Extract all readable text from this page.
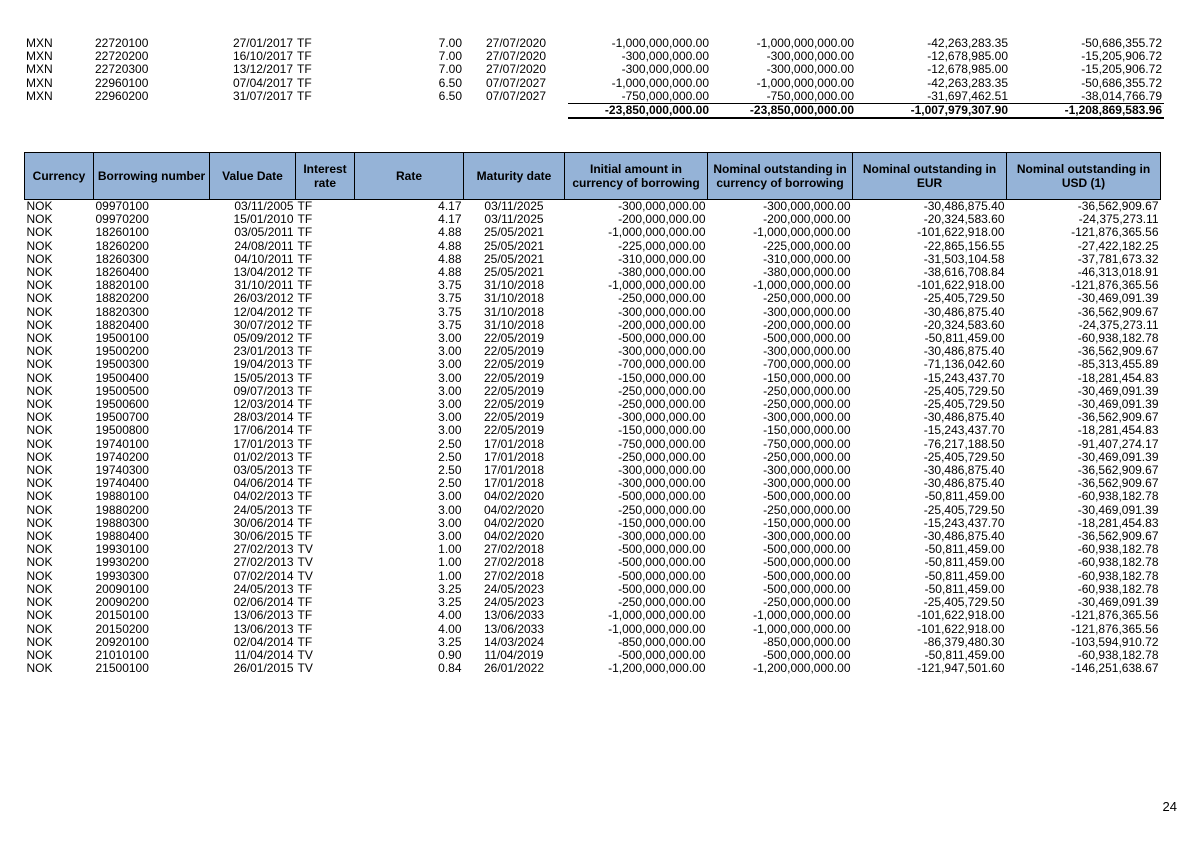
MXN	22720100	27/01/2017	TF	7.00	27/07/2020	-1,000,000,000.00	-1,000,000,000.00	-42,263,283.35	-50,686,355.72
MXN	22720200	16/10/2017	TF	7.00	27/07/2020	-300,000,000.00	-300,000,000.00	-12,678,985.00	-15,205,906.72
MXN	22720300	13/12/2017	TF	7.00	27/07/2020	-300,000,000.00	-300,000,000.00	-12,678,985.00	-15,205,906.72
MXN	22960100	07/04/2017	TF	6.50	07/07/2027	-1,000,000,000.00	-1,000,000,000.00	-42,263,283.35	-50,686,355.72
MXN	22960200	31/07/2017	TF	6.50	07/07/2027	-750,000,000.00	-750,000,000.00	-31,697,462.51	-38,014,766.79
						-23,850,000,000.00	-23,850,000,000.00	-1,007,979,307.90	-1,208,869,583.96
Currency	Borrowing number	Value Date	Interest rate	Rate	Maturity date	Initial amount in currency of borrowing	Nominal outstanding in currency of borrowing	Nominal outstanding in EUR	Nominal outstanding in USD (1)
NOK	09970100	03/11/2005	TF	4.17	03/11/2025	-300,000,000.00	-300,000,000.00	-30,486,875.40	-36,562,909.67
NOK	09970200	15/01/2010	TF	4.17	03/11/2025	-200,000,000.00	-200,000,000.00	-20,324,583.60	-24,375,273.11
NOK	18260100	03/05/2011	TF	4.88	25/05/2021	-1,000,000,000.00	-1,000,000,000.00	-101,622,918.00	-121,876,365.56
NOK	18260200	24/08/2011	TF	4.88	25/05/2021	-225,000,000.00	-225,000,000.00	-22,865,156.55	-27,422,182.25
NOK	18260300	04/10/2011	TF	4.88	25/05/2021	-310,000,000.00	-310,000,000.00	-31,503,104.58	-37,781,673.32
NOK	18260400	13/04/2012	TF	4.88	25/05/2021	-380,000,000.00	-380,000,000.00	-38,616,708.84	-46,313,018.91
NOK	18820100	31/10/2011	TF	3.75	31/10/2018	-1,000,000,000.00	-1,000,000,000.00	-101,622,918.00	-121,876,365.56
NOK	18820200	26/03/2012	TF	3.75	31/10/2018	-250,000,000.00	-250,000,000.00	-25,405,729.50	-30,469,091.39
NOK	18820300	12/04/2012	TF	3.75	31/10/2018	-300,000,000.00	-300,000,000.00	-30,486,875.40	-36,562,909.67
NOK	18820400	30/07/2012	TF	3.75	31/10/2018	-200,000,000.00	-200,000,000.00	-20,324,583.60	-24,375,273.11
NOK	19500100	05/09/2012	TF	3.00	22/05/2019	-500,000,000.00	-500,000,000.00	-50,811,459.00	-60,938,182.78
NOK	19500200	23/01/2013	TF	3.00	22/05/2019	-300,000,000.00	-300,000,000.00	-30,486,875.40	-36,562,909.67
NOK	19500300	19/04/2013	TF	3.00	22/05/2019	-700,000,000.00	-700,000,000.00	-71,136,042.60	-85,313,455.89
NOK	19500400	15/05/2013	TF	3.00	22/05/2019	-150,000,000.00	-150,000,000.00	-15,243,437.70	-18,281,454.83
NOK	19500500	09/07/2013	TF	3.00	22/05/2019	-250,000,000.00	-250,000,000.00	-25,405,729.50	-30,469,091.39
NOK	19500600	12/03/2014	TF	3.00	22/05/2019	-250,000,000.00	-250,000,000.00	-25,405,729.50	-30,469,091.39
NOK	19500700	28/03/2014	TF	3.00	22/05/2019	-300,000,000.00	-300,000,000.00	-30,486,875.40	-36,562,909.67
NOK	19500800	17/06/2014	TF	3.00	22/05/2019	-150,000,000.00	-150,000,000.00	-15,243,437.70	-18,281,454.83
NOK	19740100	17/01/2013	TF	2.50	17/01/2018	-750,000,000.00	-750,000,000.00	-76,217,188.50	-91,407,274.17
NOK	19740200	01/02/2013	TF	2.50	17/01/2018	-250,000,000.00	-250,000,000.00	-25,405,729.50	-30,469,091.39
NOK	19740300	03/05/2013	TF	2.50	17/01/2018	-300,000,000.00	-300,000,000.00	-30,486,875.40	-36,562,909.67
NOK	19740400	04/06/2014	TF	2.50	17/01/2018	-300,000,000.00	-300,000,000.00	-30,486,875.40	-36,562,909.67
NOK	19880100	04/02/2013	TF	3.00	04/02/2020	-500,000,000.00	-500,000,000.00	-50,811,459.00	-60,938,182.78
NOK	19880200	24/05/2013	TF	3.00	04/02/2020	-250,000,000.00	-250,000,000.00	-25,405,729.50	-30,469,091.39
NOK	19880300	30/06/2014	TF	3.00	04/02/2020	-150,000,000.00	-150,000,000.00	-15,243,437.70	-18,281,454.83
NOK	19880400	30/06/2015	TF	3.00	04/02/2020	-300,000,000.00	-300,000,000.00	-30,486,875.40	-36,562,909.67
NOK	19930100	27/02/2013	TV	1.00	27/02/2018	-500,000,000.00	-500,000,000.00	-50,811,459.00	-60,938,182.78
NOK	19930200	27/02/2013	TV	1.00	27/02/2018	-500,000,000.00	-500,000,000.00	-50,811,459.00	-60,938,182.78
NOK	19930300	07/02/2014	TV	1.00	27/02/2018	-500,000,000.00	-500,000,000.00	-50,811,459.00	-60,938,182.78
NOK	20090100	24/05/2013	TF	3.25	24/05/2023	-500,000,000.00	-500,000,000.00	-50,811,459.00	-60,938,182.78
NOK	20090200	02/06/2014	TF	3.25	24/05/2023	-250,000,000.00	-250,000,000.00	-25,405,729.50	-30,469,091.39
NOK	20150100	13/06/2013	TF	4.00	13/06/2033	-1,000,000,000.00	-1,000,000,000.00	-101,622,918.00	-121,876,365.56
NOK	20150200	13/06/2013	TF	4.00	13/06/2033	-1,000,000,000.00	-1,000,000,000.00	-101,622,918.00	-121,876,365.56
NOK	20920100	02/04/2014	TF	3.25	14/03/2024	-850,000,000.00	-850,000,000.00	-86,379,480.30	-103,594,910.72
NOK	21010100	11/04/2014	TV	0.90	11/04/2019	-500,000,000.00	-500,000,000.00	-50,811,459.00	-60,938,182.78
NOK	21500100	26/01/2015	TV	0.84	26/01/2022	-1,200,000,000.00	-1,200,000,000.00	-121,947,501.60	-146,251,638.67
24
